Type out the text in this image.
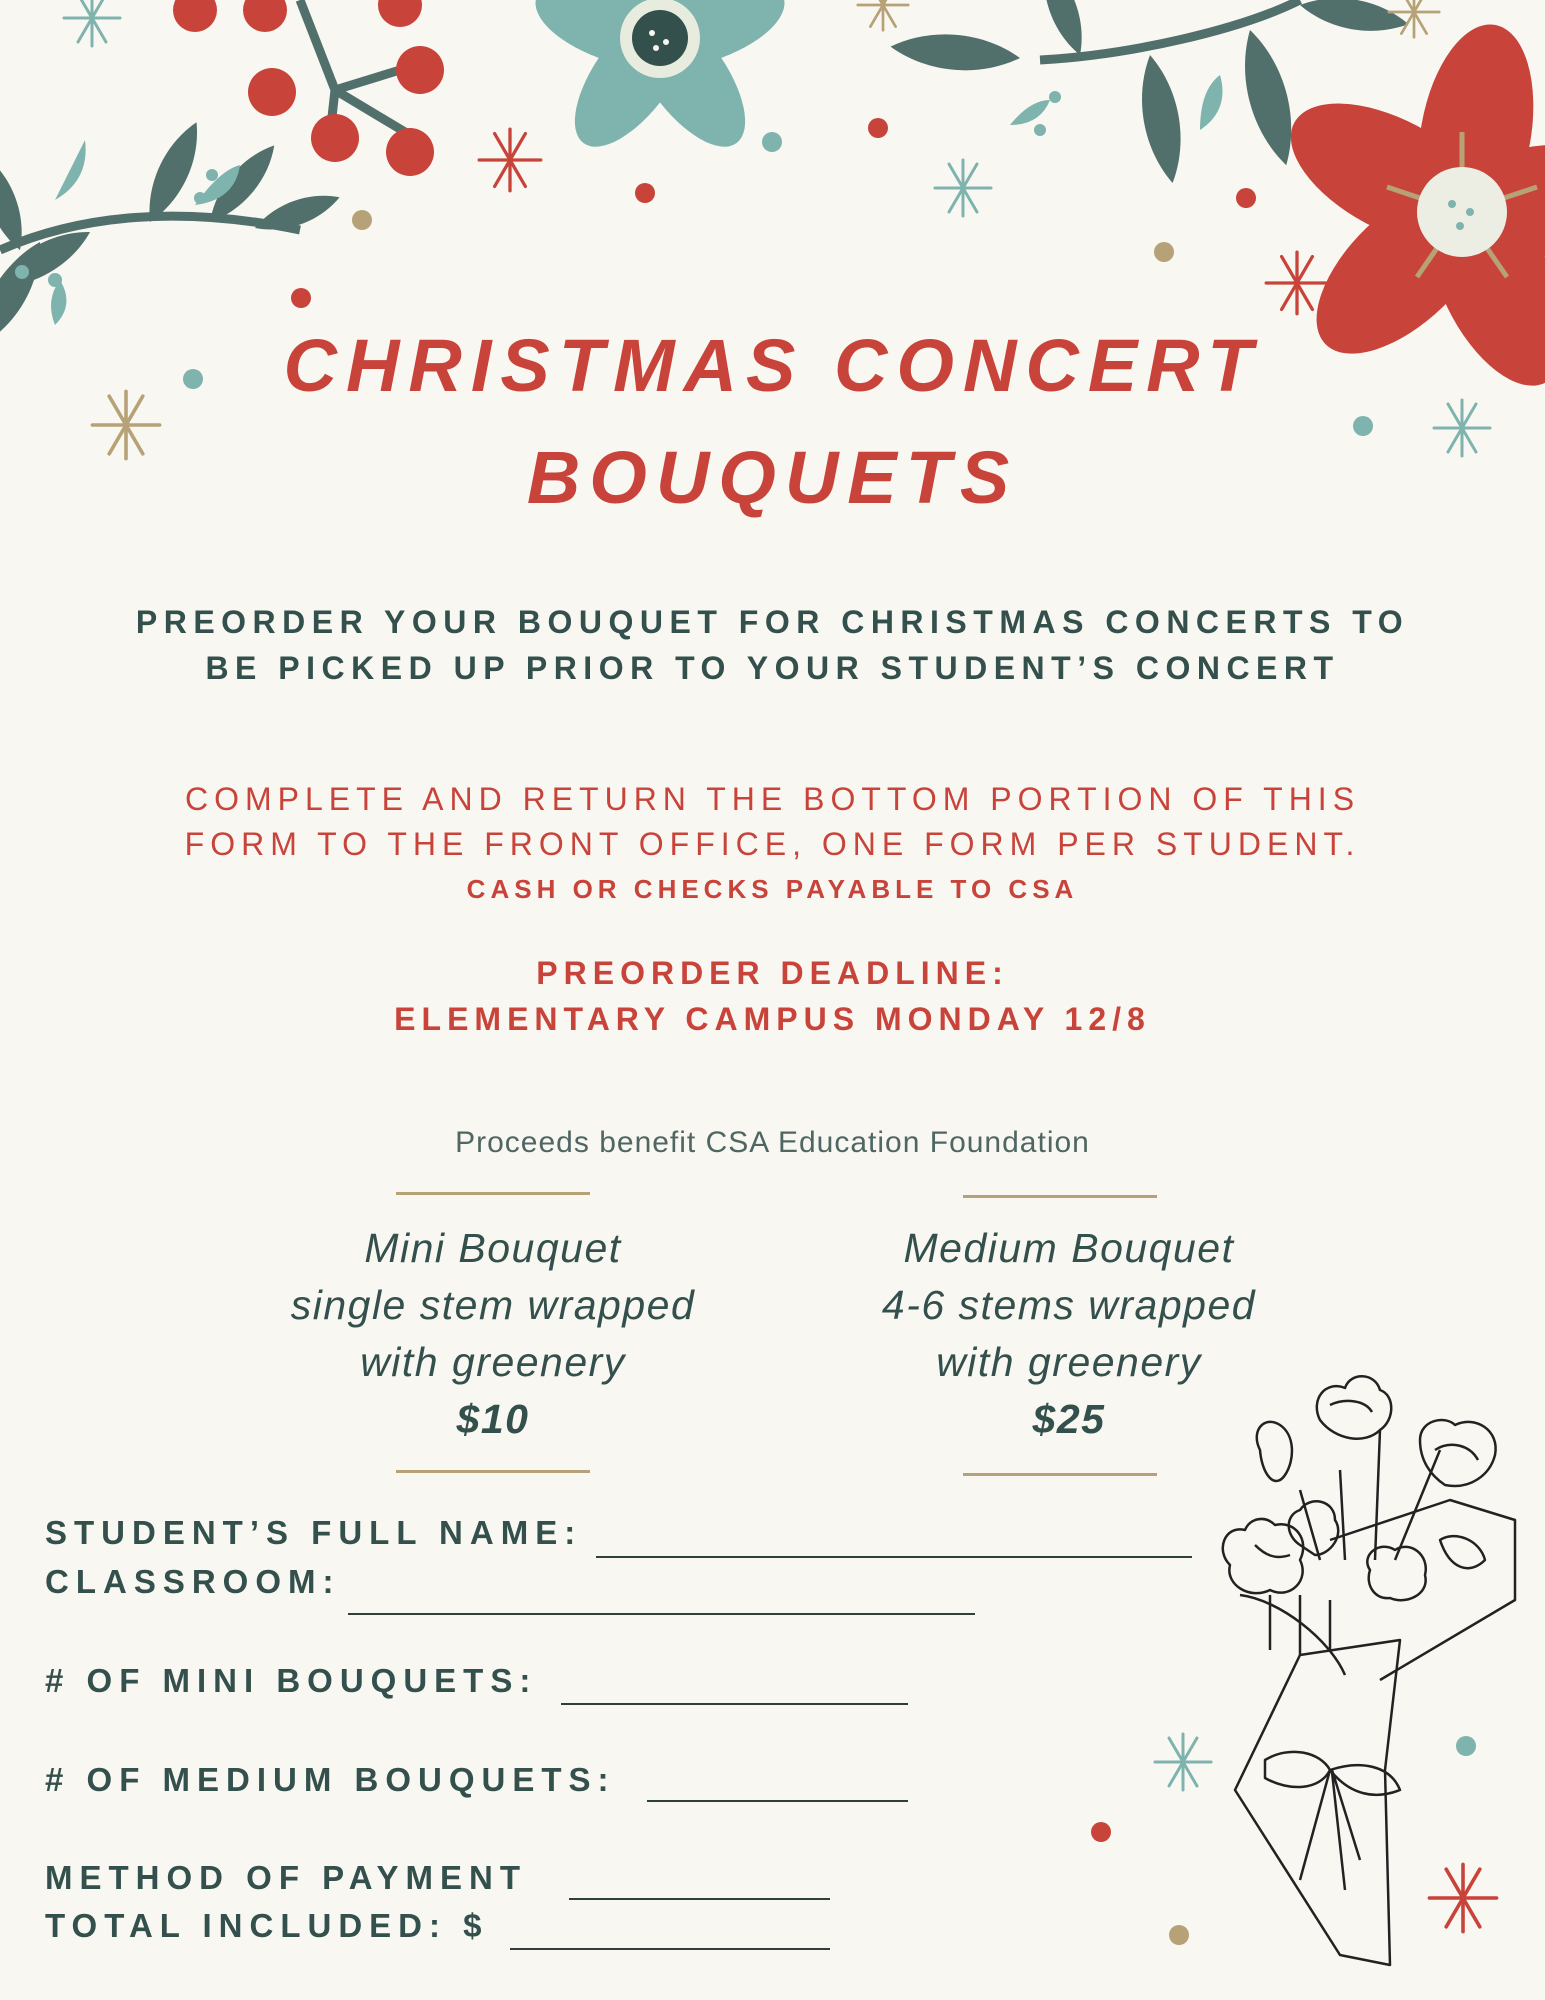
CHRISTMAS CONCERT
BOUQUETS
PREORDER YOUR BOUQUET FOR CHRISTMAS CONCERTS TO
BE PICKED UP PRIOR TO YOUR STUDENT’S CONCERT
COMPLETE AND RETURN THE BOTTOM PORTION OF THIS
FORM TO THE FRONT OFFICE, ONE FORM PER STUDENT.
CASH OR CHECKS PAYABLE TO CSA
PREORDER DEADLINE:
ELEMENTARY CAMPUS MONDAY 12/8
Proceeds benefit CSA Education Foundation
Mini Bouquet
single stem wrapped
with greenery
$10
Medium Bouquet
4-6 stems wrapped
with greenery
$25
STUDENT’S FULL NAME:
CLASSROOM:
# OF MINI BOUQUETS:
# OF MEDIUM BOUQUETS:
METHOD OF PAYMENT
TOTAL INCLUDED: $
